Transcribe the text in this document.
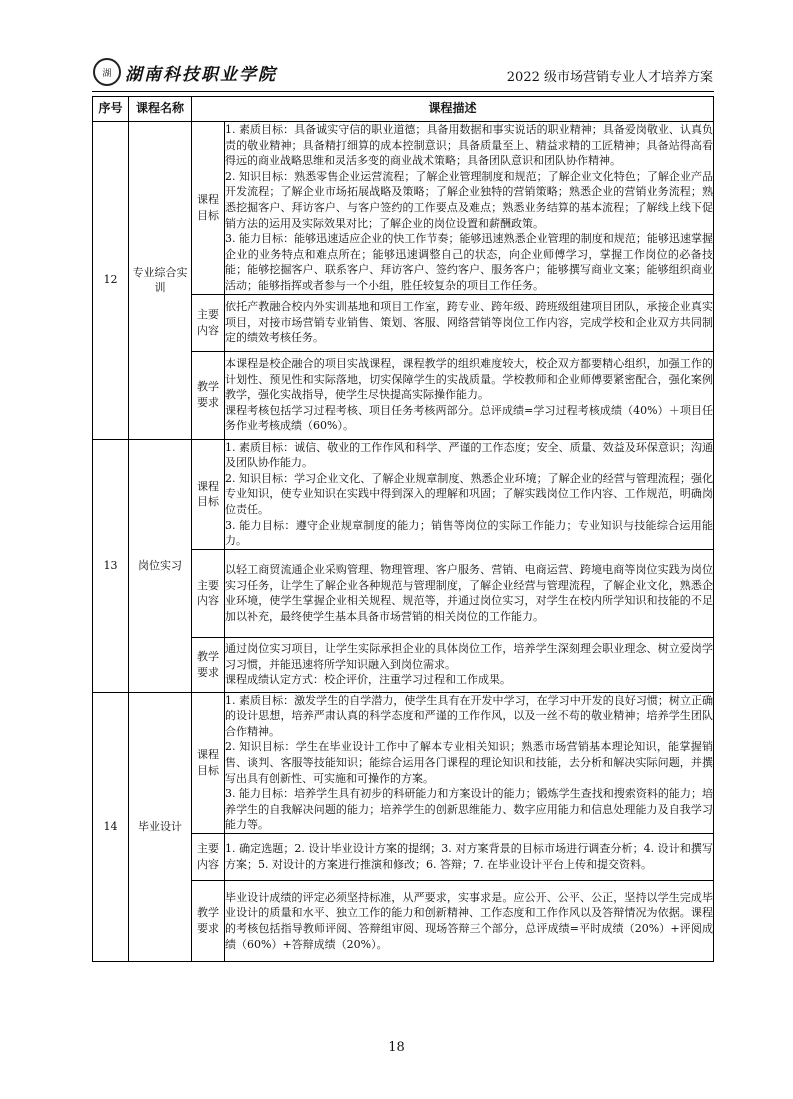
湖 湖南科技职业学院	2022 级市场营销专业人才培养方案
序号	课程名称	课程描述	
12	专业综合实训	课程目标	1. 素质目标：具备诚实守信的职业道德；具备用数据和事实说话的职业精神；具备爱岗敬业、认真负责的敬业精神；具备精打细算的成本控制意识；具备质量至上、精益求精的工匠精神；具备站得高看得远的商业战略思维和灵活多变的商业战术策略；具备团队意识和团队协作精神。

2. 知识目标：熟悉零售企业运营流程；了解企业管理制度和规范；了解企业文化特色；了解企业产品开发流程；了解企业市场拓展战略及策略；了解企业独特的营销策略；熟悉企业的营销业务流程；熟悉挖掘客户、拜访客户、与客户签约的工作要点及难点；熟悉业务结算的基本流程；了解线上线下促销方法的运用及实际效果对比；了解企业的岗位设置和薪酬政策。

3. 能力目标：能够迅速适应企业的快工作节奏；能够迅速熟悉企业管理的制度和规范；能够迅速掌握企业的业务特点和难点所在；能够迅速调整自己的状态，向企业师傅学习，掌握工作岗位的必备技能；能够挖掘客户、联系客户、拜访客户、签约客户、服务客户；能够撰写商业文案；能够组织商业活动；能够指挥或者参与一个小组，胜任较复杂的项目工作任务。

		主要内容	依托产教融合校内外实训基地和项目工作室，跨专业、跨年级、跨班级组建项目团队，承接企业真实项目，对接市场营销专业销售、策划、客服、网络营销等岗位工作内容，完成学校和企业双方共同制定的绩效考核任务。

		教学要求	本课程是校企融合的项目实战课程，课程教学的组织难度较大，校企双方都要精心组织，加强工作的计划性、预见性和实际落地，切实保障学生的实战质量。学校教师和企业师傅要紧密配合，强化案例教学，强化实战指导，使学生尽快提高实际操作能力。

课程考核包括学习过程考核、项目任务考核两部分。总评成绩=学习过程考核成绩（40%）＋项目任务作业考核成绩（60%）。

13	岗位实习	课程目标	1. 素质目标：诚信、敬业的工作作风和科学、严谨的工作态度；安全、质量、效益及环保意识；沟通及团队协作能力。

2. 知识目标：学习企业文化、了解企业规章制度、熟悉企业环境；了解企业的经营与管理流程；强化专业知识，使专业知识在实践中得到深入的理解和巩固；了解实践岗位工作内容、工作规范，明确岗位责任。

3. 能力目标：遵守企业规章制度的能力；销售等岗位的实际工作能力；专业知识与技能综合运用能力。

		主要内容	以轻工商贸流通企业采购管理、物理管理、客户服务、营销、电商运营、跨境电商等岗位实践为岗位实习任务，让学生了解企业各种规范与管理制度，了解企业经营与管理流程，了解企业文化，熟悉企业环境，使学生掌握企业相关规程、规范等，并通过岗位实习，对学生在校内所学知识和技能的不足加以补充，最终使学生基本具备市场营销的相关岗位的工作能力。

		教学要求	通过岗位实习项目，让学生实际承担企业的具体岗位工作，培养学生深刻理会职业理念、树立爱岗学习习惯，并能迅速将所学知识融入到岗位需求。

课程成绩认定方式：校企评价，注重学习过程和工作成果。

14	毕业设计	课程目标	1. 素质目标：激发学生的自学潜力，使学生具有在开发中学习，在学习中开发的良好习惯；树立正确的设计思想，培养严肃认真的科学态度和严谨的工作作风，以及一丝不苟的敬业精神；培养学生团队合作精神。

2. 知识目标：学生在毕业设计工作中了解本专业相关知识；熟悉市场营销基本理论知识，能掌握销售、谈判、客服等技能知识；能综合运用各门课程的理论知识和技能，去分析和解决实际问题，并撰写出具有创新性、可实施和可操作的方案。

3. 能力目标：培养学生具有初步的科研能力和方案设计的能力；锻炼学生查找和搜索资料的能力；培养学生的自我解决问题的能力；培养学生的创新思维能力、数字应用能力和信息处理能力及自我学习能力等。

		主要内容	1. 确定选题；2. 设计毕业设计方案的提纲；3. 对方案背景的目标市场进行调查分析；4. 设计和撰写方案；5. 对设计的方案进行推演和修改；6. 答辩；7. 在毕业设计平台上传和提交资料。

		教学要求	毕业设计成绩的评定必须坚持标准，从严要求，实事求是。应公开、公平、公正，坚持以学生完成毕业设计的质量和水平、独立工作的能力和创新精神、工作态度和工作作风以及答辩情况为依据。课程的考核包括指导教师评阅、答辩组审阅、现场答辩三个部分，总评成绩=平时成绩（20%）+评阅成绩（60%）+答辩成绩（20%）。

18
